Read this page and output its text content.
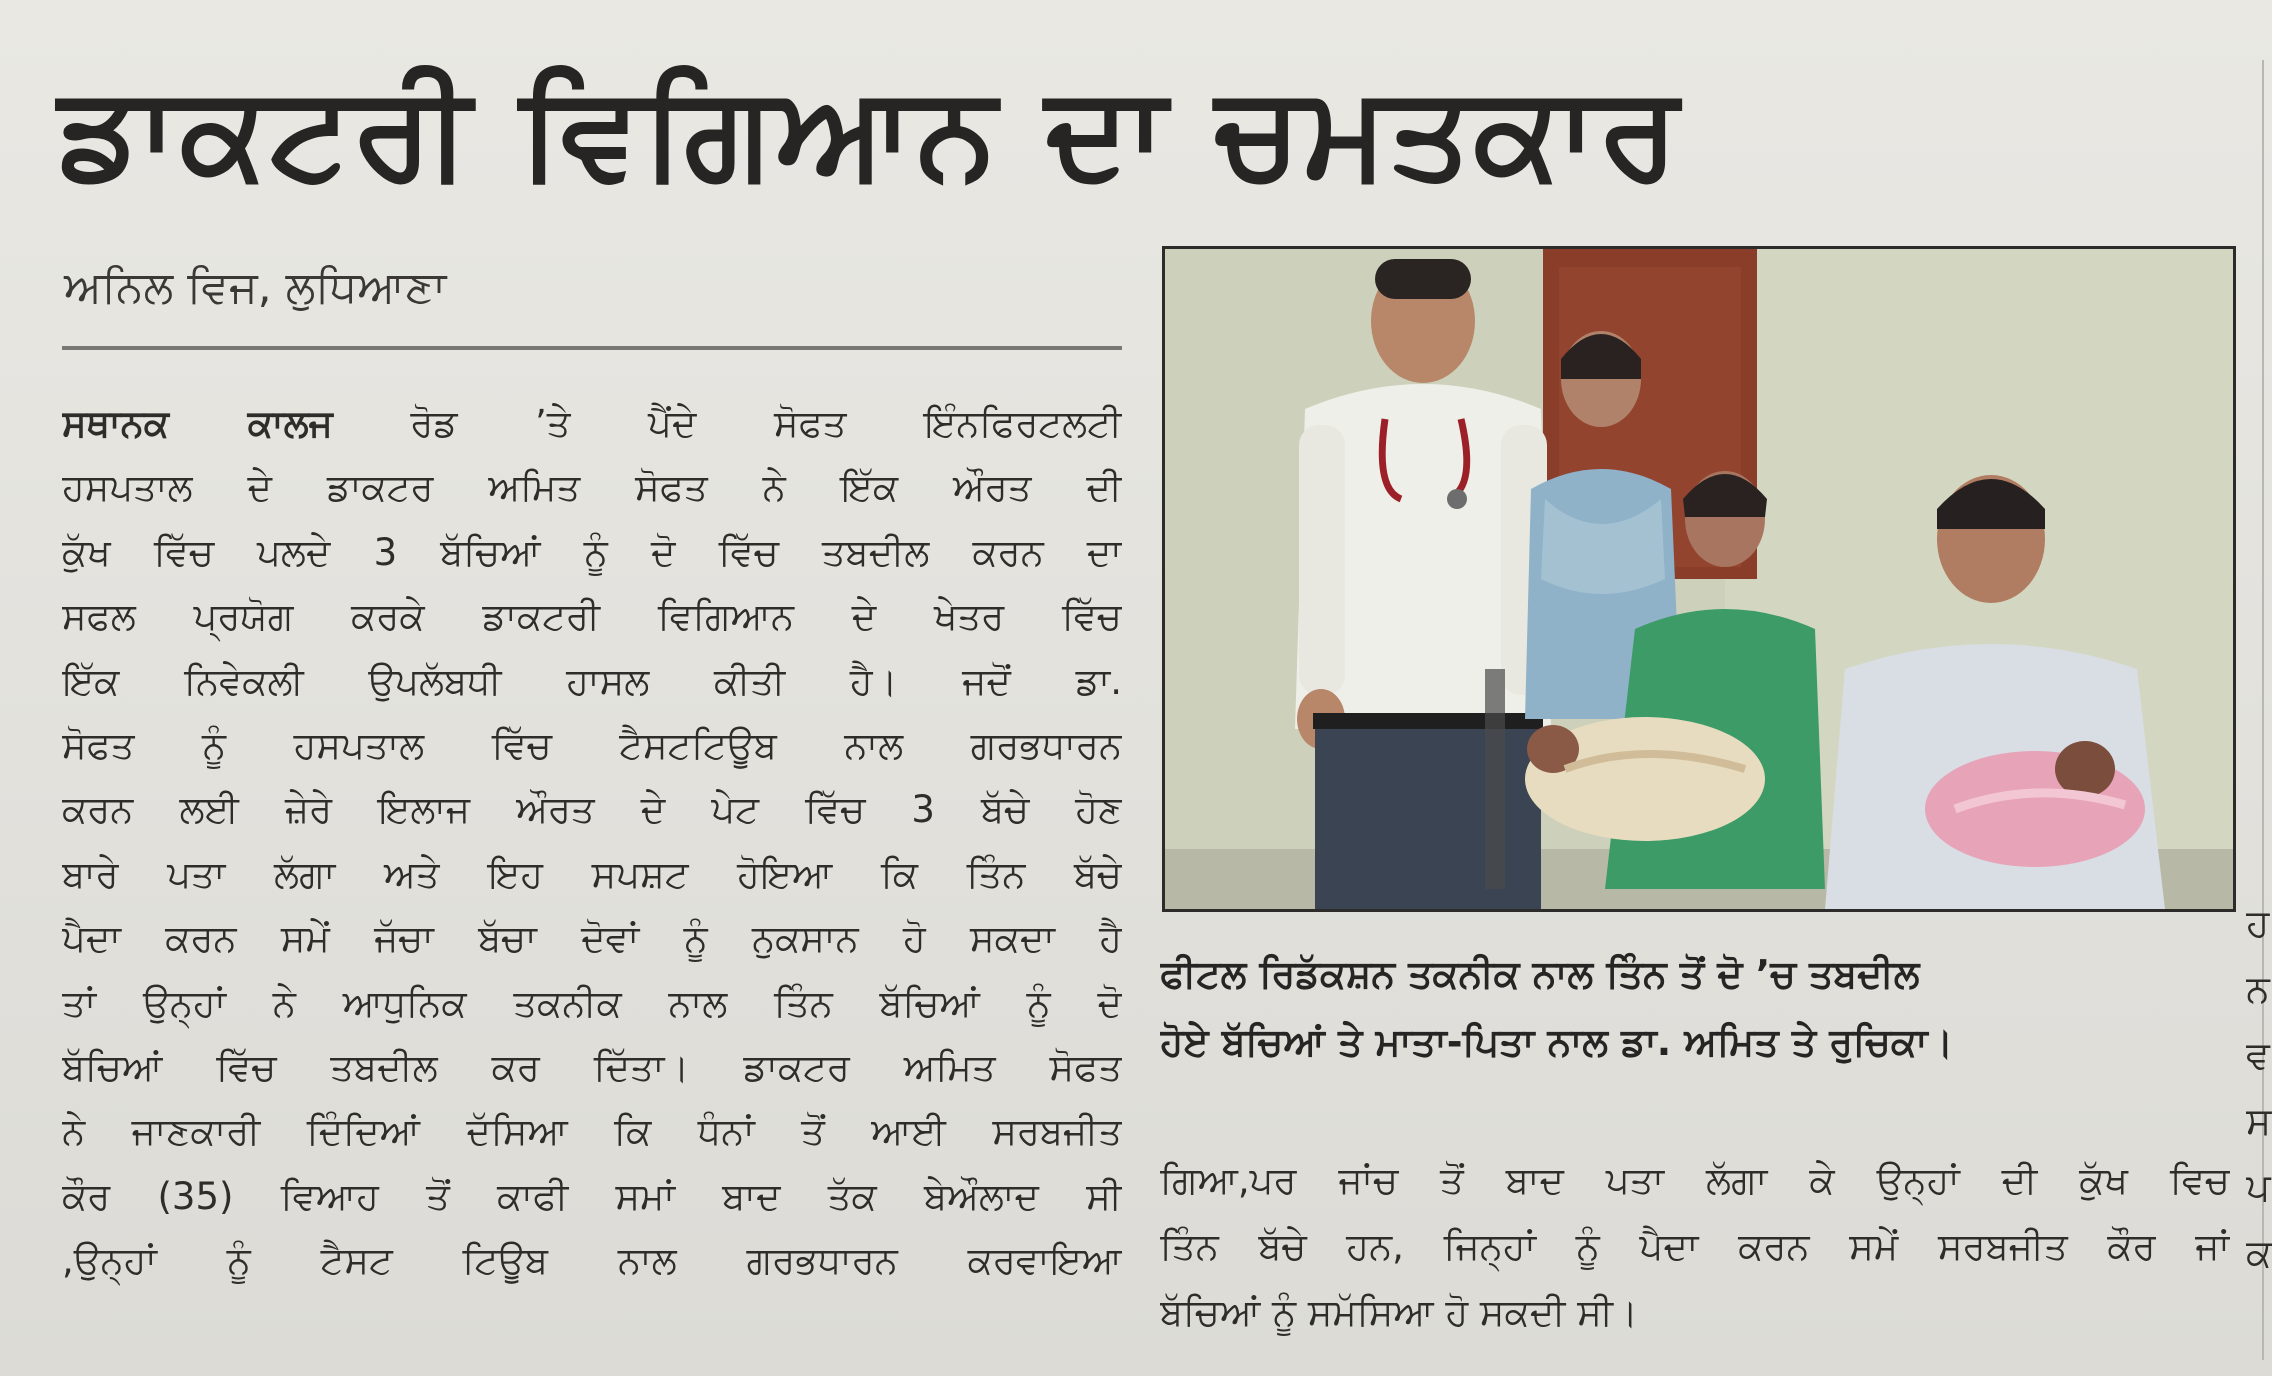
ਡਾਕਟਰੀ ਵਿਗਿਆਨ ਦਾ ਚਮਤਕਾਰ
ਅਨਿਲ ਵਿਜ, ਲੁਧਿਆਣਾ
ਸਥਾਨਕ ਕਾਲਜ ਰੋਡ ’ਤੇ ਪੈਂਦੇ ਸੋਫਤ ਇੰਨਫਿਰਟਲਟੀ
ਹਸਪਤਾਲ ਦੇ ਡਾਕਟਰ ਅਮਿਤ ਸੋਫਤ ਨੇ ਇੱਕ ਔਰਤ ਦੀ
ਕੁੱਖ ਵਿੱਚ ਪਲਦੇ 3 ਬੱਚਿਆਂ ਨੂੰ ਦੋ ਵਿੱਚ ਤਬਦੀਲ ਕਰਨ ਦਾ
ਸਫਲ ਪ੍ਰਯੋਗ ਕਰਕੇ ਡਾਕਟਰੀ ਵਿਗਿਆਨ ਦੇ ਖੇਤਰ ਵਿੱਚ
ਇੱਕ ਨਿਵੇਕਲੀ ਉਪਲੱਬਧੀ ਹਾਸਲ ਕੀਤੀ ਹੈ। ਜਦੋਂ ਡਾ.
ਸੋਫਤ ਨੂੰ ਹਸਪਤਾਲ ਵਿੱਚ ਟੈਸਟਟਿਊਬ ਨਾਲ ਗਰਭਧਾਰਨ
ਕਰਨ ਲਈ ਜ਼ੇਰੇ ਇਲਾਜ ਔਰਤ ਦੇ ਪੇਟ ਵਿੱਚ 3 ਬੱਚੇ ਹੋਣ
ਬਾਰੇ ਪਤਾ ਲੱਗਾ ਅਤੇ ਇਹ ਸਪਸ਼ਟ ਹੋਇਆ ਕਿ ਤਿੰਨ ਬੱਚੇ
ਪੈਦਾ ਕਰਨ ਸਮੇਂ ਜੱਚਾ ਬੱਚਾ ਦੋਵਾਂ ਨੂੰ ਨੁਕਸਾਨ ਹੋ ਸਕਦਾ ਹੈ
ਤਾਂ ਉਨ੍ਹਾਂ ਨੇ ਆਧੁਨਿਕ ਤਕਨੀਕ ਨਾਲ ਤਿੰਨ ਬੱਚਿਆਂ ਨੂੰ ਦੋ
ਬੱਚਿਆਂ ਵਿੱਚ ਤਬਦੀਲ ਕਰ ਦਿੱਤਾ। ਡਾਕਟਰ ਅਮਿਤ ਸੋਫਤ
ਨੇ ਜਾਣਕਾਰੀ ਦਿੰਦਿਆਂ ਦੱਸਿਆ ਕਿ ਧੰਨਾਂ ਤੋਂ ਆਈ ਸਰਬਜੀਤ
ਕੌਰ (35) ਵਿਆਹ ਤੋਂ ਕਾਫੀ ਸਮਾਂ ਬਾਦ ਤੱਕ ਬੇਔਲਾਦ ਸੀ
,ਉਨ੍ਹਾਂ ਨੂੰ ਟੈਸਟ ਟਿਊਬ ਨਾਲ ਗਰਭਧਾਰਨ ਕਰਵਾਇਆ
ਫੀਟਲ ਰਿਡੱਕਸ਼ਨ ਤਕਨੀਕ ਨਾਲ ਤਿੰਨ ਤੋਂ ਦੋ ’ਚ ਤਬਦੀਲ
ਹੋਏ ਬੱਚਿਆਂ ਤੇ ਮਾਤਾ-ਪਿਤਾ ਨਾਲ ਡਾ. ਅਮਿਤ ਤੇ ਰੁਚਿਕਾ।
ਗਿਆ,ਪਰ ਜਾਂਚ ਤੋਂ ਬਾਦ ਪਤਾ ਲੱਗਾ ਕੇ ਉਨ੍ਹਾਂ ਦੀ ਕੁੱਖ ਵਿਚ
ਤਿੰਨ ਬੱਚੇ ਹਨ, ਜਿਨ੍ਹਾਂ ਨੂੰ ਪੈਦਾ ਕਰਨ ਸਮੇਂ ਸਰਬਜੀਤ ਕੌਰ ਜਾਂ
ਬੱਚਿਆਂ ਨੂੰ ਸਮੱਸਿਆ ਹੋ ਸਕਦੀ ਸੀ।
ਹ
ਨ
ਵ
ਸ
ਪ
ਕ
